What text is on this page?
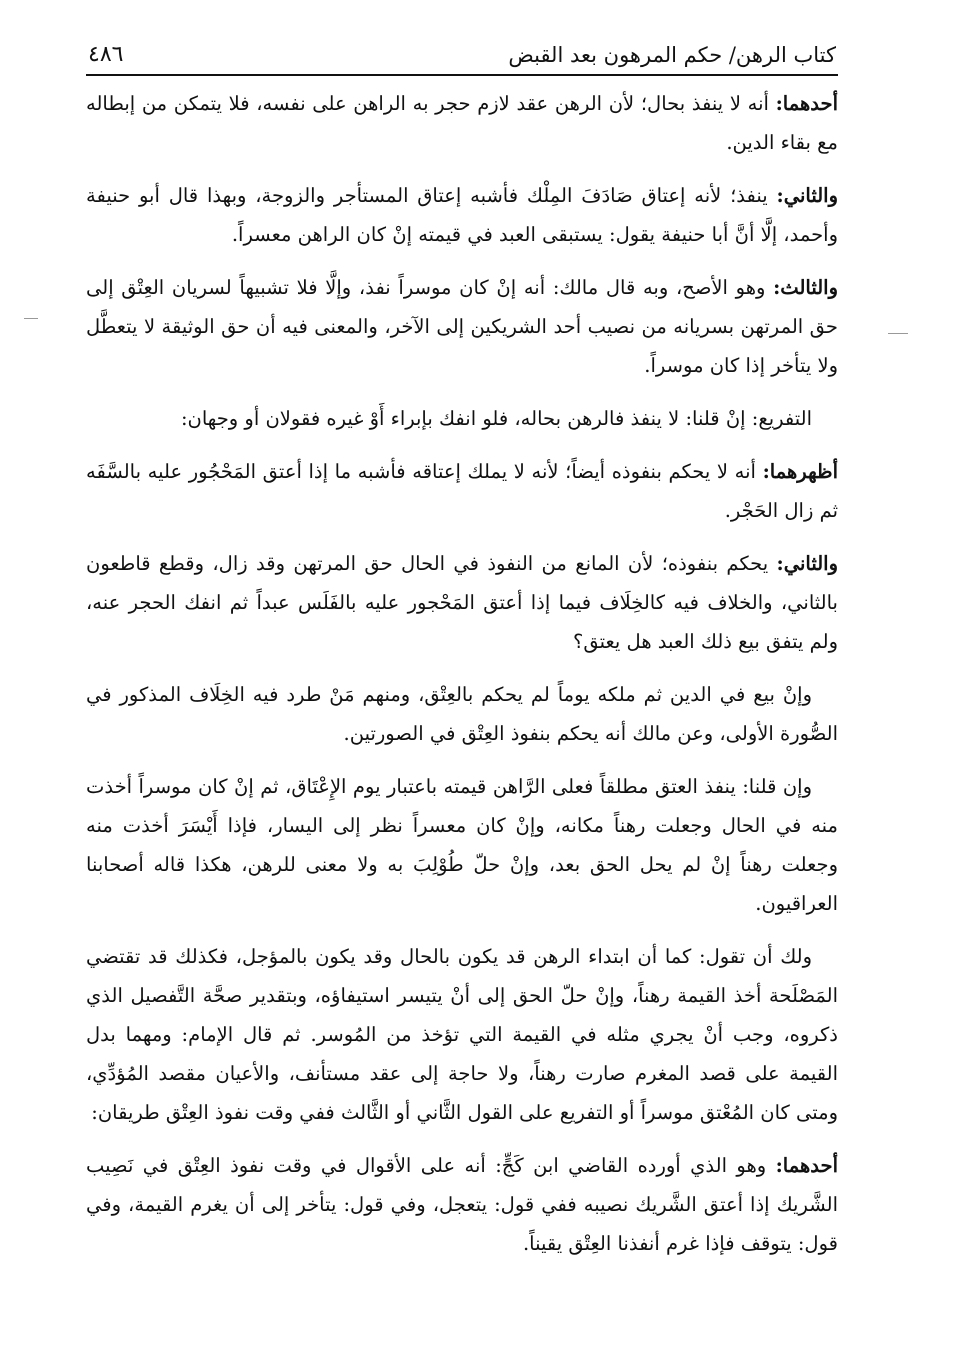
كتاب الرهن/ حكم المرهون بعد القبض
٤٨٦

أحدهما: أنه لا ينفذ بحال؛ لأن الرهن عقد لازم حجر به الراهن على نفسه، فلا يتمكن من إبطاله مع بقاء الدين.

والثاني: ينفذ؛ لأنه إعتاق صَادَفَ المِلْك فأشبه إعتاق المستأجر والزوجة، وبهذا قال أبو حنيفة وأحمد، إلَّا أنَّ أبا حنيفة يقول: يستبقى العبد في قيمته إنْ كان الراهن معسراً.

والثالث: وهو الأصح، وبه قال مالك: أنه إنْ كان موسراً نفذ، وإلَّا فلا تشبيهاً لسريان العِتْق إلى حق المرتهن بسريانه من نصيب أحد الشريكين إلى الآخر، والمعنى فيه أن حق الوثيقة لا يتعطَّل ولا يتأخر إذا كان موسراً.

التفريع: إنْ قلنا: لا ينفذ فالرهن بحاله، فلو انفك بإبراء أَوْ غيره فقولان أو وجهان:

أظهرهما: أنه لا يحكم بنفوذه أيضاً؛ لأنه لا يملك إعتاقه فأشبه ما إذا أعتق المَحْجُور عليه بالسَّفَه ثم زال الحَجْر.

والثاني: يحكم بنفوذه؛ لأن المانع من النفوذ في الحال حق المرتهن وقد زال، وقطع قاطعون بالثاني، والخلاف فيه كالخِلَاف فيما إذا أعتق المَحْجور عليه بالفَلَس عبداً ثم انفك الحجر عنه، ولم يتفق بيع ذلك العبد هل يعتق؟

وإنْ بيع في الدين ثم ملكه يوماً لم يحكم بالعِتْق، ومنهم مَنْ طرد فيه الخِلَاف المذكور في الصُّورة الأولى، وعن مالك أنه يحكم بنفوذ العِتْق في الصورتين.

وإن قلنا: ينفذ العتق مطلقاً فعلى الرَّاهن قيمته باعتبار يوم الإِعْتَاق، ثم إنْ كان موسراً أخذت منه في الحال وجعلت رهناً مكانه، وإنْ كان معسراً نظر إلى اليسار، فإذا أَيْسَرَ أخذت منه وجعلت رهناً إنْ لم يحل الحق بعد، وإنْ حلّ طُوْلِبَ به ولا معنى للرهن، هكذا قاله أصحابنا العراقيون.

ولك أن تقول: كما أن ابتداء الرهن قد يكون بالحال وقد يكون بالمؤجل، فكذلك قد تقتضي المَصْلَحة أخذ القيمة رهناً، وإنْ حلّ الحق إلى أنْ يتيسر استيفاؤه، وبتقدير صحَّة التَّفصيل الذي ذكروه، وجب أنْ يجري مثله في القيمة التي تؤخذ من المُوسر. ثم قال الإمام: ومهما بدل القيمة على قصد المغرم صارت رهناً، ولا حاجة إلى عقد مستأنف، والأعيان مقصد المُؤدِّي، ومتى كان المُعْتق موسراً أو التفريع على القول الثَّاني أو الثَّالث ففي وقت نفوذ العِتْق طريقان:

أحدهما: وهو الذي أورده القاضي ابن كَجٍّ: أنه على الأقوال في وقت نفوذ العِتْق في نَصِيب الشَّريك إذا أعتق الشَّريك نصيبه ففي قول: يتعجل، وفي قول: يتأخر إلى أن يغرم القيمة، وفي قول: يتوقف فإذا غرم أنفذنا العِتْق يقيناً.
